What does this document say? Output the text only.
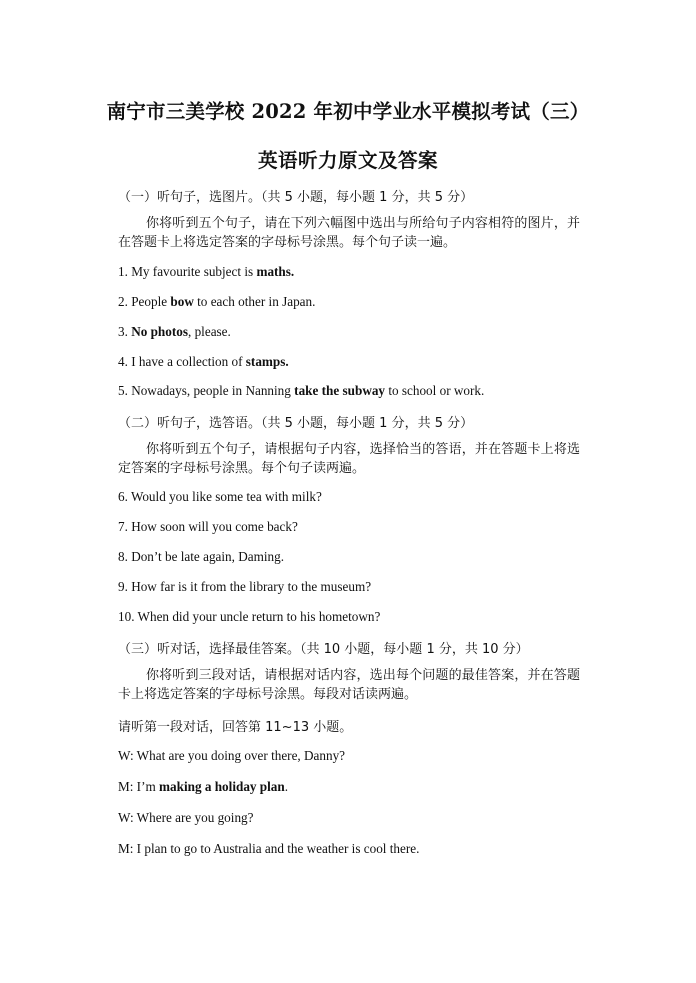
南宁市三美学校 2022 年初中学业水平模拟考试（三）
英语听力原文及答案
（一）听句子，选图片。（共 5 小题，每小题 1 分，共 5 分）
你将听到五个句子，请在下列六幅图中选出与所给句子内容相符的图片，并在答题卡上将选定答案的字母标号涂黑。每个句子读一遍。
1. My favourite subject is maths.
2. People bow to each other in Japan.
3. No photos, please.
4. I have a collection of stamps.
5. Nowadays, people in Nanning take the subway to school or work.
（二）听句子，选答语。（共 5 小题，每小题 1 分，共 5 分）
你将听到五个句子，请根据句子内容，选择恰当的答语，并在答题卡上将选定答案的字母标号涂黑。每个句子读两遍。
6. Would you like some tea with milk?
7. How soon will you come back?
8. Don’t be late again, Daming.
9. How far is it from the library to the museum?
10. When did your uncle return to his hometown?
（三）听对话，选择最佳答案。（共 10 小题，每小题 1 分，共 10 分）
你将听到三段对话，请根据对话内容，选出每个问题的最佳答案，并在答题卡上将选定答案的字母标号涂黑。每段对话读两遍。
请听第一段对话，回答第 11~13 小题。
W: What are you doing over there, Danny?
M: I’m making a holiday plan.
W: Where are you going?
M: I plan to go to Australia and the weather is cool there.
